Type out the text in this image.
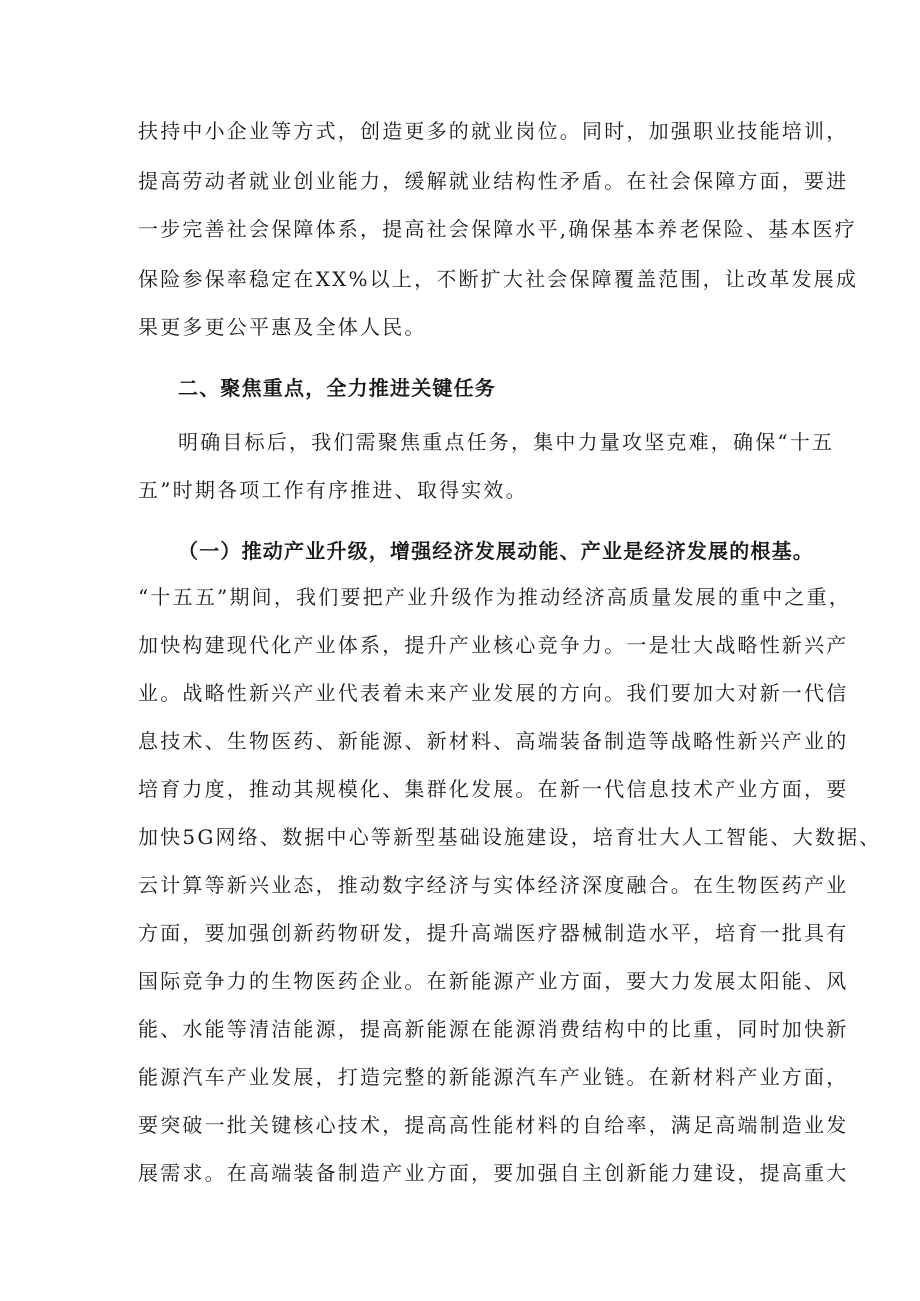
扶持中小企业等方式，创造更多的就业岗位。同时，加强职业技能培训，
提高劳动者就业创业能力，缓解就业结构性矛盾。在社会保障方面，要进
一步完善社会保障体系，提高社会保障水平,确保基本养老保险、基本医疗
保险参保率稳定在XX%以上，不断扩大社会保障覆盖范围，让改革发展成
果更多更公平惠及全体人民。
二、聚焦重点，全力推进关键任务
明确目标后，我们需聚焦重点任务，集中力量攻坚克难，确保“十五
五”时期各项工作有序推进、取得实效。
（一）推动产业升级，增强经济发展动能、产业是经济发展的根基。
“十五五”期间，我们要把产业升级作为推动经济高质量发展的重中之重，
加快构建现代化产业体系，提升产业核心竞争力。一是壮大战略性新兴产
业。战略性新兴产业代表着未来产业发展的方向。我们要加大对新一代信
息技术、生物医药、新能源、新材料、高端装备制造等战略性新兴产业的
培育力度，推动其规模化、集群化发展。在新一代信息技术产业方面，要
加快5G网络、数据中心等新型基础设施建设，培育壮大人工智能、大数据、
云计算等新兴业态，推动数字经济与实体经济深度融合。在生物医药产业
方面，要加强创新药物研发，提升高端医疗器械制造水平，培育一批具有
国际竞争力的生物医药企业。在新能源产业方面，要大力发展太阳能、风
能、水能等清洁能源，提高新能源在能源消费结构中的比重，同时加快新
能源汽车产业发展，打造完整的新能源汽车产业链。在新材料产业方面，
要突破一批关键核心技术，提高高性能材料的自给率，满足高端制造业发
展需求。在高端装备制造产业方面，要加强自主创新能力建设，提高重大
